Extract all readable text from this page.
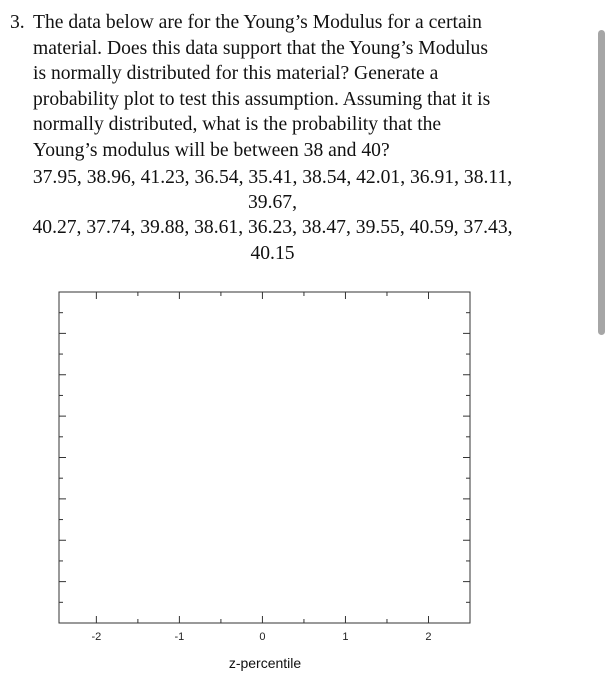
3. The data below are for the Young’s Modulus for a certain
material. Does this data support that the Young’s Modulus
is normally distributed for this material? Generate a
probability plot to test this assumption. Assuming that it is
normally distributed, what is the probability that the
Young’s modulus will be between 38 and 40?
37.95, 38.96, 41.23, 36.54, 35.41, 38.54, 42.01, 36.91, 38.11,
39.67,
40.27, 37.74, 39.88, 38.61, 36.23, 38.47, 39.55, 40.59, 37.43,
40.15
-2	-1	0	1	2
z-percentile
